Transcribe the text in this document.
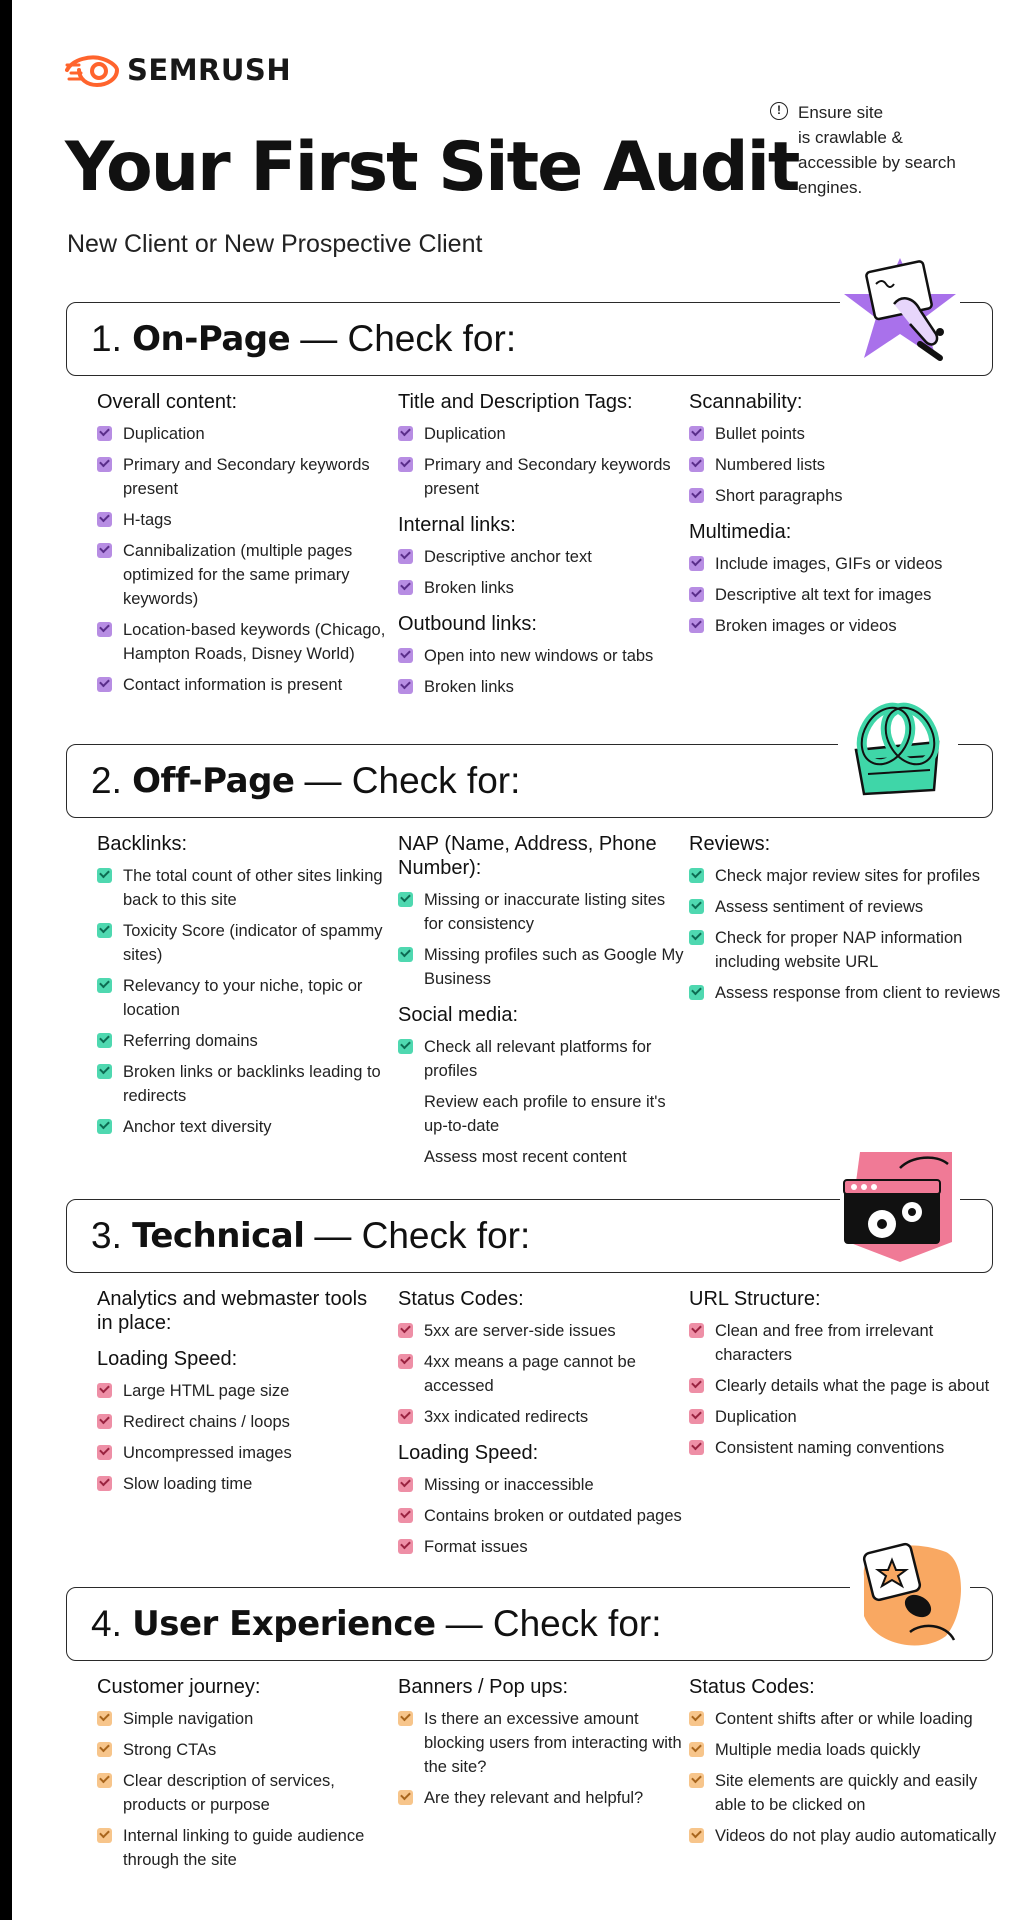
SEMRUSH
Your First Site Audit
New Client or New Prospective Client
!	Ensure site
is crawlable &
accessible by search
engines.
1.
On-Page — Check for:
Overall content:
Duplication
Primary and Secondary keywords present
H-tags
Cannibalization (multiple pages optimized for the same primary keywords)
Location-based keywords (Chicago, Hampton Roads, Disney World)
Contact information is present
Title and Description Tags:
Duplication
Primary and Secondary keywords present
Internal links:
Descriptive anchor text
Broken links
Outbound links:
Open into new windows or tabs
Broken links
Scannability:
Bullet points
Numbered lists
Short paragraphs
Multimedia:
Include images, GIFs or videos
Descriptive alt text for images
Broken images or videos
2.
Off-Page — Check for:
Backlinks:
The total count of other sites linking back to this site
Toxicity Score (indicator of spammy sites)
Relevancy to your niche, topic or location
Referring domains
Broken links or backlinks leading to redirects
Anchor text diversity
NAP (Name, Address, Phone Number):
Missing or inaccurate listing sites for consistency
Missing profiles such as Google My Business
Social media:
Check all relevant platforms for profiles
Review each profile to ensure it's up-to-date
Assess most recent content
Reviews:
Check major review sites for profiles
Assess sentiment of reviews
Check for proper NAP information including website URL
Assess response from client to reviews
3.
Technical — Check for:
Analytics and webmaster tools in place:
Loading Speed:
Large HTML page size
Redirect chains / loops
Uncompressed images
Slow loading time
Status Codes:
5xx are server-side issues
4xx means a page cannot be accessed
3xx indicated redirects
Loading Speed:
Missing or inaccessible
Contains broken or outdated pages
Format issues
URL Structure:
Clean and free from irrelevant characters
Clearly details what the page is about
Duplication
Consistent naming conventions
4.
User Experience — Check for:
Customer journey:
Simple navigation
Strong CTAs
Clear description of services, products or purpose
Internal linking to guide audience through the site
Banners / Pop ups:
Is there an excessive amount blocking users from interacting with the site?
Are they relevant and helpful?
Status Codes:
Content shifts after or while loading
Multiple media loads quickly
Site elements are quickly and easily able to be clicked on
Videos do not play audio automatically
